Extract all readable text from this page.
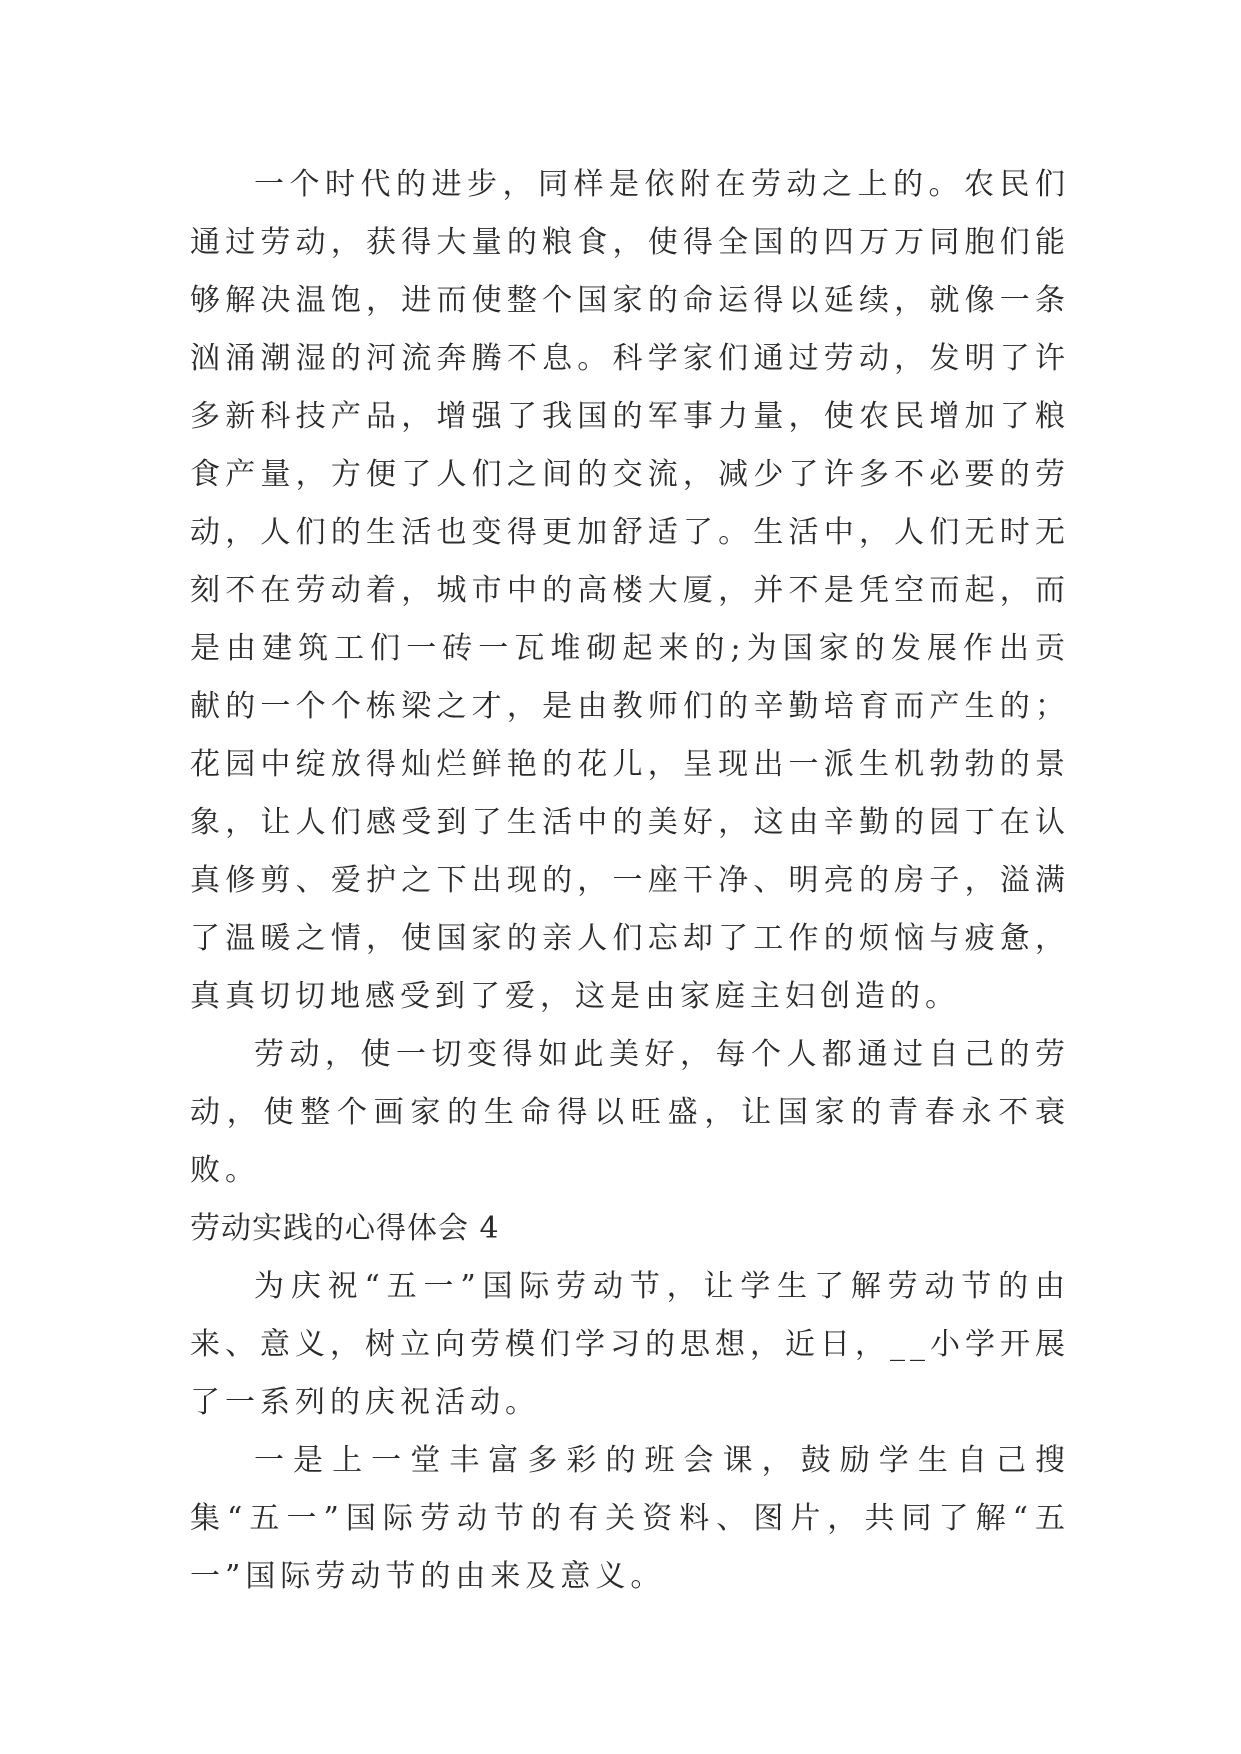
一个时代的进步，同样是依附在劳动之上的。农民们通过劳动，获得大量的粮食，使得全国的四万万同胞们能够解决温饱，进而使整个国家的命运得以延续，就像一条汹涌潮湿的河流奔腾不息。科学家们通过劳动，发明了许多新科技产品，增强了我国的军事力量，使农民增加了粮食产量，方便了人们之间的交流，减少了许多不必要的劳动，人们的生活也变得更加舒适了。生活中，人们无时无刻不在劳动着，城市中的高楼大厦，并不是凭空而起，而是由建筑工们一砖一瓦堆砌起来的;为国家的发展作出贡献的一个个栋梁之才，是由教师们的辛勤培育而产生的；花园中绽放得灿烂鲜艳的花儿，呈现出一派生机勃勃的景象，让人们感受到了生活中的美好，这由辛勤的园丁在认真修剪、爱护之下出现的，一座干净、明亮的房子，溢满了温暖之情，使国家的亲人们忘却了工作的烦恼与疲惫，真真切切地感受到了爱，这是由家庭主妇创造的。

劳动，使一切变得如此美好，每个人都通过自己的劳动，使整个画家的生命得以旺盛，让国家的青春永不衰败。

劳动实践的心得体会 4

为庆祝“五一”国际劳动节，让学生了解劳动节的由来、意义，树立向劳模们学习的思想，近日，__小学开展了一系列的庆祝活动。

一是上一堂丰富多彩的班会课，鼓励学生自己搜集“五一”国际劳动节的有关资料、图片，共同了解“五一”国际劳动节的由来及意义。
